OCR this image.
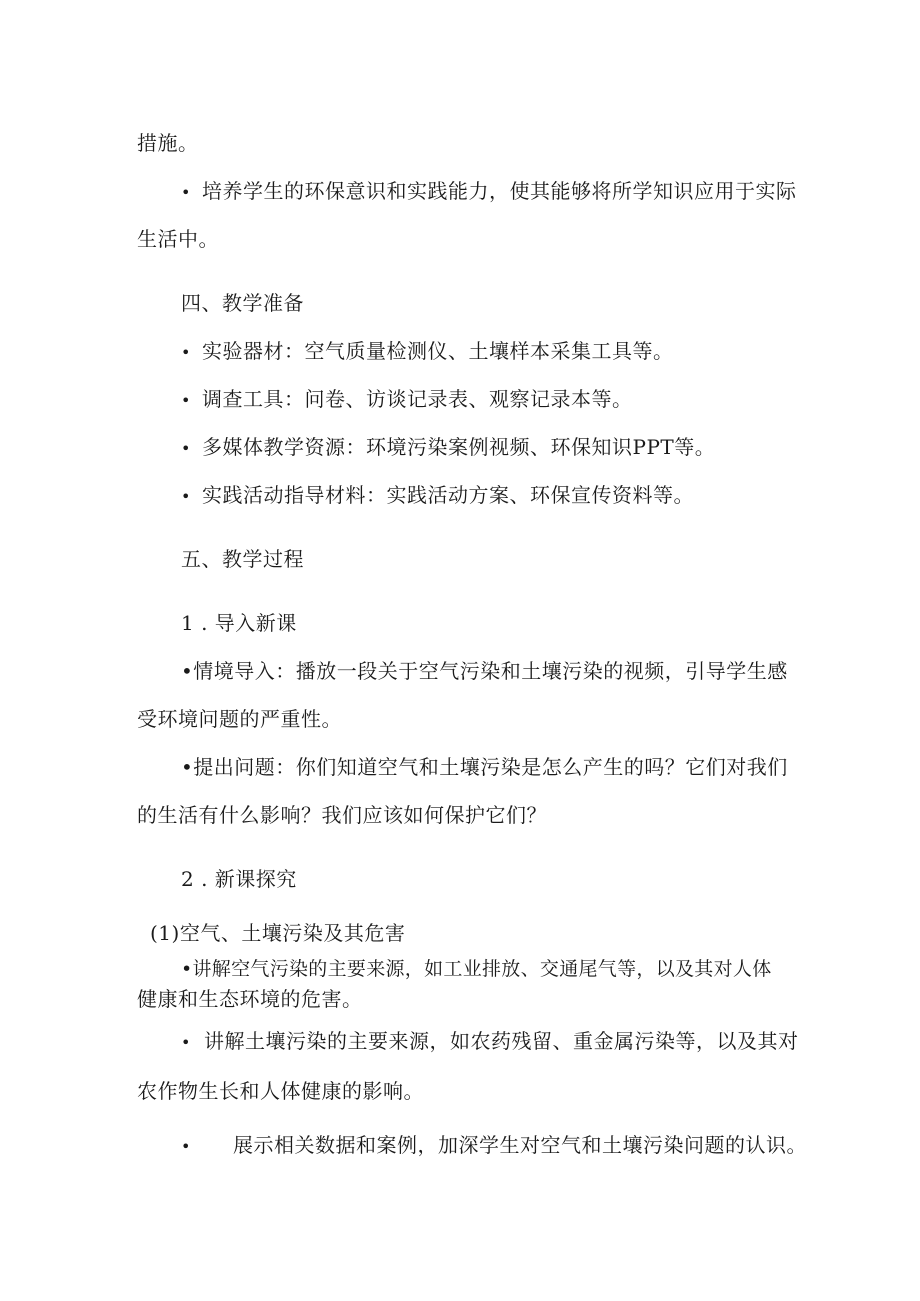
措施。
• 培养学生的环保意识和实践能力，使其能够将所学知识应用于实际
生活中。
四、教学准备
• 实验器材：空气质量检测仪、土壤样本采集工具等。
• 调查工具：问卷、访谈记录表、观察记录本等。
• 多媒体教学资源：环境污染案例视频、环保知识PPT等。
• 实践活动指导材料：实践活动方案、环保宣传资料等。
五、教学过程
1 . 导入新课
•情境导入：播放一段关于空气污染和土壤污染的视频，引导学生感
受环境问题的严重性。
•提出问题：你们知道空气和土壤污染是怎么产生的吗？它们对我们
的生活有什么影响？我们应该如何保护它们？
2 . 新课探究
(1)空气、土壤污染及其危害
•讲解空气污染的主要来源，如工业排放、交通尾气等，以及其对人体
健康和生态环境的危害。
• 讲解土壤污染的主要来源，如农药残留、重金属污染等，以及其对
农作物生长和人体健康的影响。
• 展示相关数据和案例，加深学生对空气和土壤污染问题的认识。
